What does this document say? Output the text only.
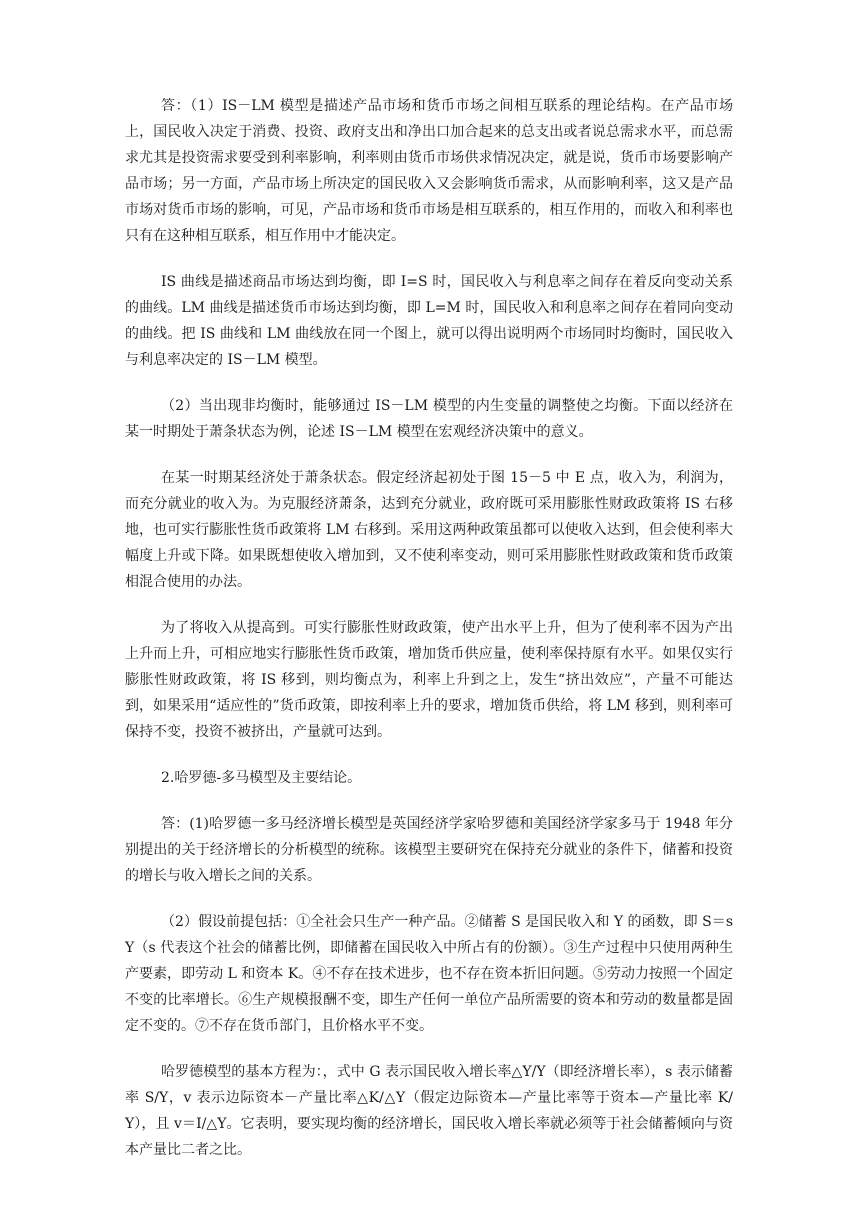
答：（1）IS－LM 模型是描述产品市场和货币市场之间相互联系的理论结构。在产品市场上，国民收入决定于消费、投资、政府支出和净出口加合起来的总支出或者说总需求水平，而总需求尤其是投资需求要受到利率影响，利率则由货币市场供求情况决定，就是说，货币市场要影响产品市场；另一方面，产品市场上所决定的国民收入又会影响货币需求，从而影响利率，这又是产品市场对货币市场的影响，可见，产品市场和货币市场是相互联系的，相互作用的，而收入和利率也只有在这种相互联系，相互作用中才能决定。

IS 曲线是描述商品市场达到均衡，即 I=S 时，国民收入与利息率之间存在着反向变动关系的曲线。LM 曲线是描述货币市场达到均衡，即 L=M 时，国民收入和利息率之间存在着同向变动的曲线。把 IS 曲线和 LM 曲线放在同一个图上，就可以得出说明两个市场同时均衡时，国民收入与利息率决定的 IS－LM 模型。

（2）当出现非均衡时，能够通过 IS－LM 模型的内生变量的调整使之均衡。下面以经济在某一时期处于萧条状态为例，论述 IS－LM 模型在宏观经济决策中的意义。

在某一时期某经济处于萧条状态。假定经济起初处于图 15－5 中 E 点，收入为，利润为，而充分就业的收入为。为克服经济萧条，达到充分就业，政府既可采用膨胀性财政政策将 IS 右移地，也可实行膨胀性货币政策将 LM 右移到。采用这两种政策虽都可以使收入达到，但会使利率大幅度上升或下降。如果既想使收入增加到，又不使利率变动，则可采用膨胀性财政政策和货币政策相混合使用的办法。

为了将收入从提高到。可实行膨胀性财政政策，使产出水平上升，但为了使利率不因为产出上升而上升，可相应地实行膨胀性货币政策，增加货币供应量，使利率保持原有水平。如果仅实行膨胀性财政政策，将 IS 移到，则均衡点为，利率上升到之上，发生“挤出效应”，产量不可能达到，如果采用“适应性的”货币政策，即按利率上升的要求，增加货币供给，将 LM 移到，则利率可保持不变，投资不被挤出，产量就可达到。

2.哈罗德-多马模型及主要结论。

答：(1)哈罗德一多马经济增长模型是英国经济学家哈罗德和美国经济学家多马于 1948 年分别提出的关于经济增长的分析模型的统称。该模型主要研究在保持充分就业的条件下，储蓄和投资的增长与收入增长之间的关系。

（2）假设前提包括：①全社会只生产一种产品。②储蓄 S 是国民收入和 Y 的函数，即 S＝sY（s 代表这个社会的储蓄比例，即储蓄在国民收入中所占有的份额）。③生产过程中只使用两种生产要素，即劳动 L 和资本 K。④不存在技术进步，也不存在资本折旧问题。⑤劳动力按照一个固定不变的比率增长。⑥生产规模报酬不变，即生产任何一单位产品所需要的资本和劳动的数量都是固定不变的。⑦不存在货币部门，且价格水平不变。

哈罗德模型的基本方程为：，式中 G 表示国民收入增长率△Y/Y（即经济增长率），s 表示储蓄率 S/Y，v 表示边际资本－产量比率△K/△Y（假定边际资本—产量比率等于资本—产量比率 K/Y），且 v＝I/△Y。它表明，要实现均衡的经济增长，国民收入增长率就必须等于社会储蓄倾向与资本产量比二者之比。
